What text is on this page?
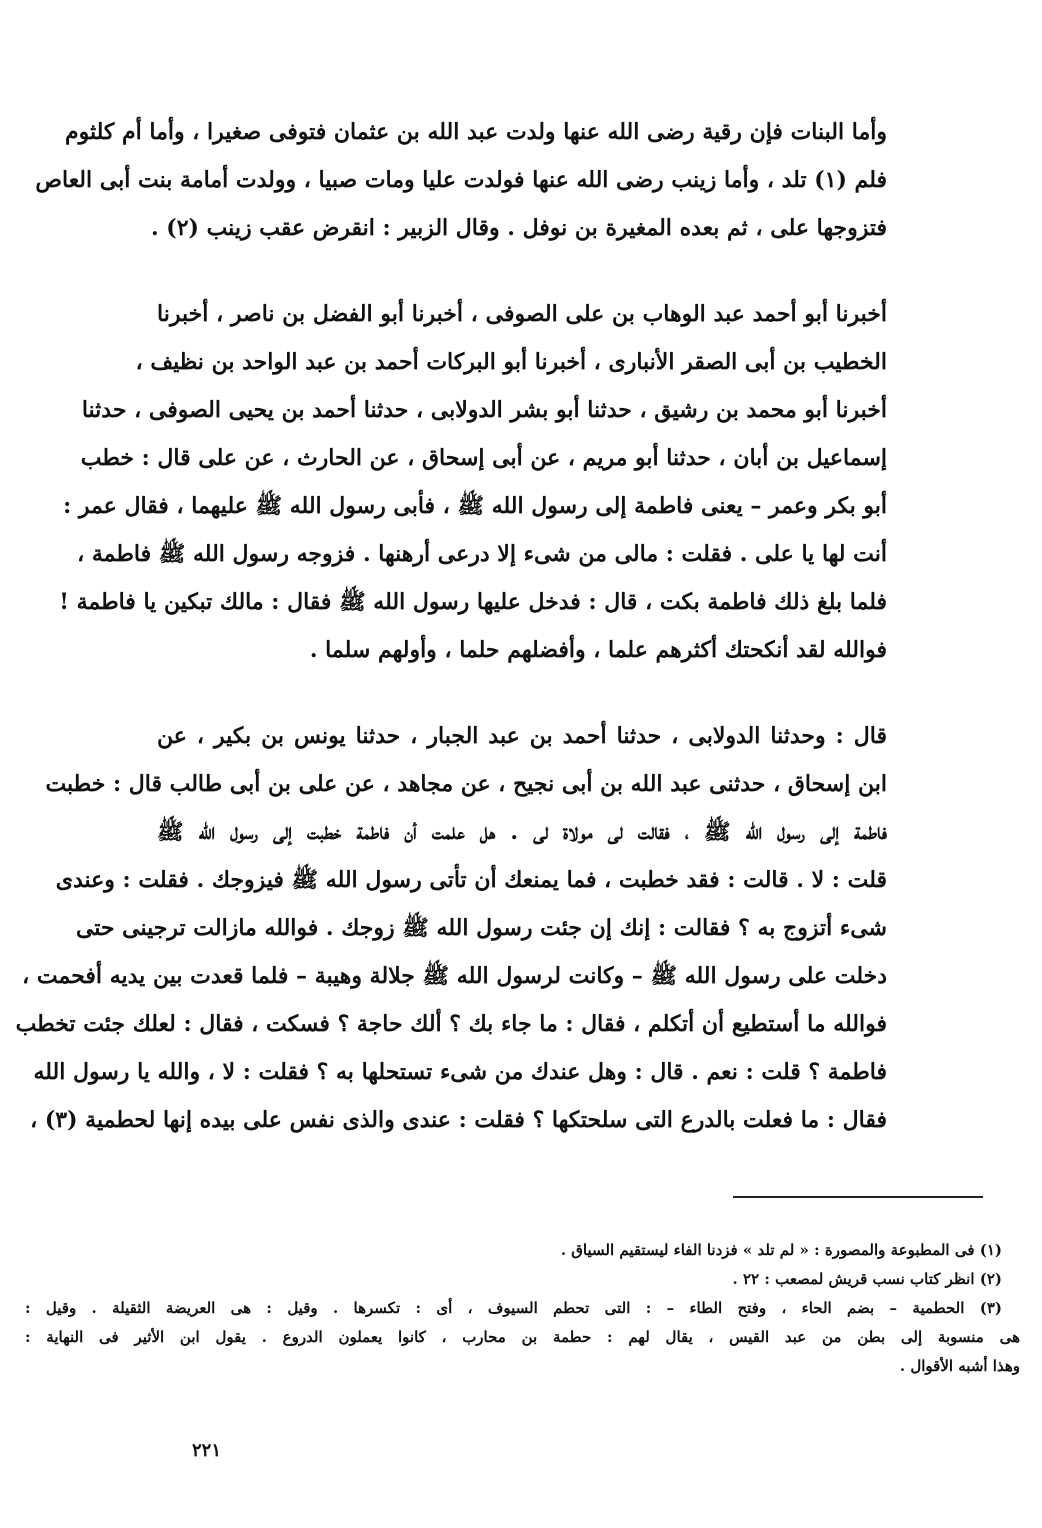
وأما البنات فإن رقية رضى الله عنها ولدت عبد الله بن عثمان فتوفى صغيرا ، وأما أم كلثوم
فلم (١) تلد ، وأما زينب رضى الله عنها فولدت عليا ومات صبيا ، وولدت أمامة بنت أبى العاص
فتزوجها على ، ثم بعده المغيرة بن نوفل . وقال الزبير : انقرض عقب زينب (٢) .
أخبرنا أبو أحمد عبد الوهاب بن على الصوفى ، أخبرنا أبو الفضل بن ناصر ، أخبرنا
الخطيب بن أبى الصقر الأنبارى ، أخبرنا أبو البركات أحمد بن عبد الواحد بن نظيف ،
أخبرنا أبو محمد بن رشيق ، حدثنا أبو بشر الدولابى ، حدثنا أحمد بن يحيى الصوفى ، حدثنا
إسماعيل بن أبان ، حدثنا أبو مريم ، عن أبى إسحاق ، عن الحارث ، عن على قال : خطب
أبو بكر وعمر – يعنى فاطمة إلى رسول الله ﷺ ، فأبى رسول الله ﷺ عليهما ، فقال عمر :
أنت لها يا على . فقلت : مالى من شىء إلا درعى أرهنها . فزوجه رسول الله ﷺ فاطمة ،
فلما بلغ ذلك فاطمة بكت ، قال : فدخل عليها رسول الله ﷺ فقال : مالك تبكين يا فاطمة !
فوالله لقد أنكحتك أكثرهم علما ، وأفضلهم حلما ، وأولهم سلما .
قال : وحدثنا الدولابى ، حدثنا أحمد بن عبد الجبار ، حدثنا يونس بن بكير ، عن
ابن إسحاق ، حدثنى عبد الله بن أبى نجيح ، عن مجاهد ، عن على بن أبى طالب قال : خطبت
فاطمة إلى رسول الله ﷺ ، فقالت لى مولاة لى . هل علمت أن فاطمة خطبت إلى رسول الله ﷺ
قلت : لا . قالت : فقد خطبت ، فما يمنعك أن تأتى رسول الله ﷺ فيزوجك . فقلت : وعندى
شىء أتزوج به ؟ فقالت : إنك إن جئت رسول الله ﷺ زوجك . فوالله مازالت ترجينى حتى
دخلت على رسول الله ﷺ – وكانت لرسول الله ﷺ جلالة وهيبة – فلما قعدت بين يديه أفحمت ،
فوالله ما أستطيع أن أتكلم ، فقال : ما جاء بك ؟ ألك حاجة ؟ فسكت ، فقال : لعلك جئت تخطب
فاطمة ؟ قلت : نعم . قال : وهل عندك من شىء تستحلها به ؟ فقلت : لا ، والله يا رسول الله
فقال : ما فعلت بالدرع التى سلحتكها ؟ فقلت : عندى والذى نفس على بيده إنها لحطمية (٣) ،
(١) فى المطبوعة والمصورة : « لم تلد » فزدنا الفاء ليستقيم السياق .
(٢) انظر كتاب نسب قريش لمصعب : ٢٢ .
(٣) الحطمية – بضم الحاء ، وفتح الطاء – : التى تحطم السيوف ، أى : تكسرها . وقيل : هى العريضة الثقيلة . وقيل :
هى منسوبة إلى بطن من عبد القيس ، يقال لهم : حطمة بن محارب ، كانوا يعملون الدروع . يقول ابن الأثير فى النهاية :
وهذا أشبه الأقوال .
٢٢١
